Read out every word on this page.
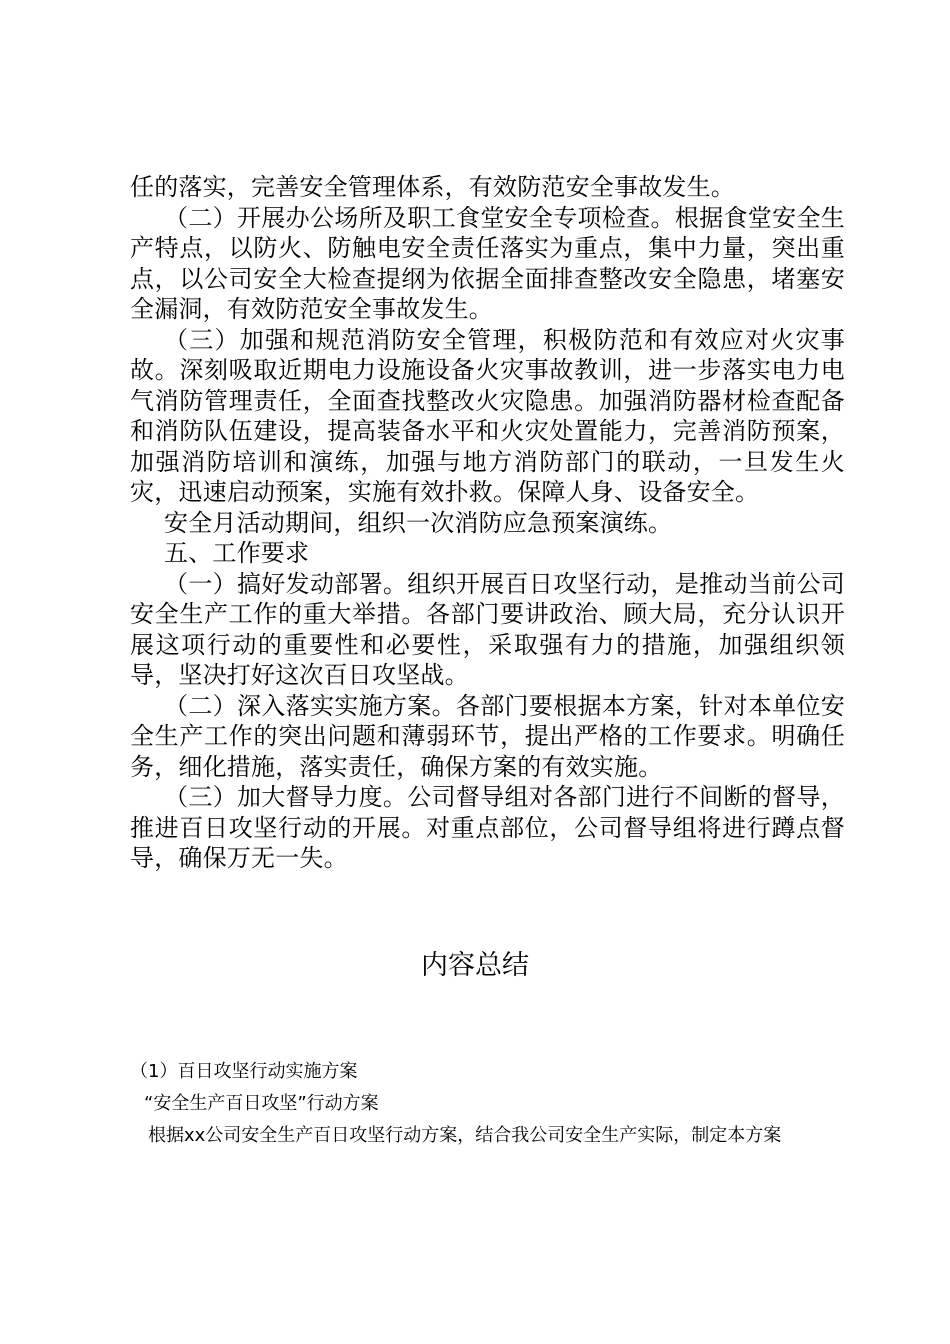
任的落实，完善安全管理体系，有效防范安全事故发生。

（二）开展办公场所及职工食堂安全专项检查。根据食堂安全生产特点，以防火、防触电安全责任落实为重点，集中力量，突出重点，以公司安全大检查提纲为依据全面排查整改安全隐患，堵塞安全漏洞，有效防范安全事故发生。

（三）加强和规范消防安全管理，积极防范和有效应对火灾事故。深刻吸取近期电力设施设备火灾事故教训，进一步落实电力电气消防管理责任，全面查找整改火灾隐患。加强消防器材检查配备和消防队伍建设，提高装备水平和火灾处置能力，完善消防预案，加强消防培训和演练，加强与地方消防部门的联动，一旦发生火灾，迅速启动预案，实施有效扑救。保障人身、设备安全。

安全月活动期间，组织一次消防应急预案演练。

五、工作要求

（一）搞好发动部署。组织开展百日攻坚行动，是推动当前公司安全生产工作的重大举措。各部门要讲政治、顾大局，充分认识开展这项行动的重要性和必要性，采取强有力的措施，加强组织领导，坚决打好这次百日攻坚战。

（二）深入落实实施方案。各部门要根据本方案，针对本单位安全生产工作的突出问题和薄弱环节，提出严格的工作要求。明确任务，细化措施，落实责任，确保方案的有效实施。

（三）加大督导力度。公司督导组对各部门进行不间断的督导，推进百日攻坚行动的开展。对重点部位，公司督导组将进行蹲点督导，确保万无一失。

内容总结

（1）百日攻坚行动实施方案

“安全生产百日攻坚”行动方案

根据xx公司安全生产百日攻坚行动方案，结合我公司安全生产实际，制定本方案
